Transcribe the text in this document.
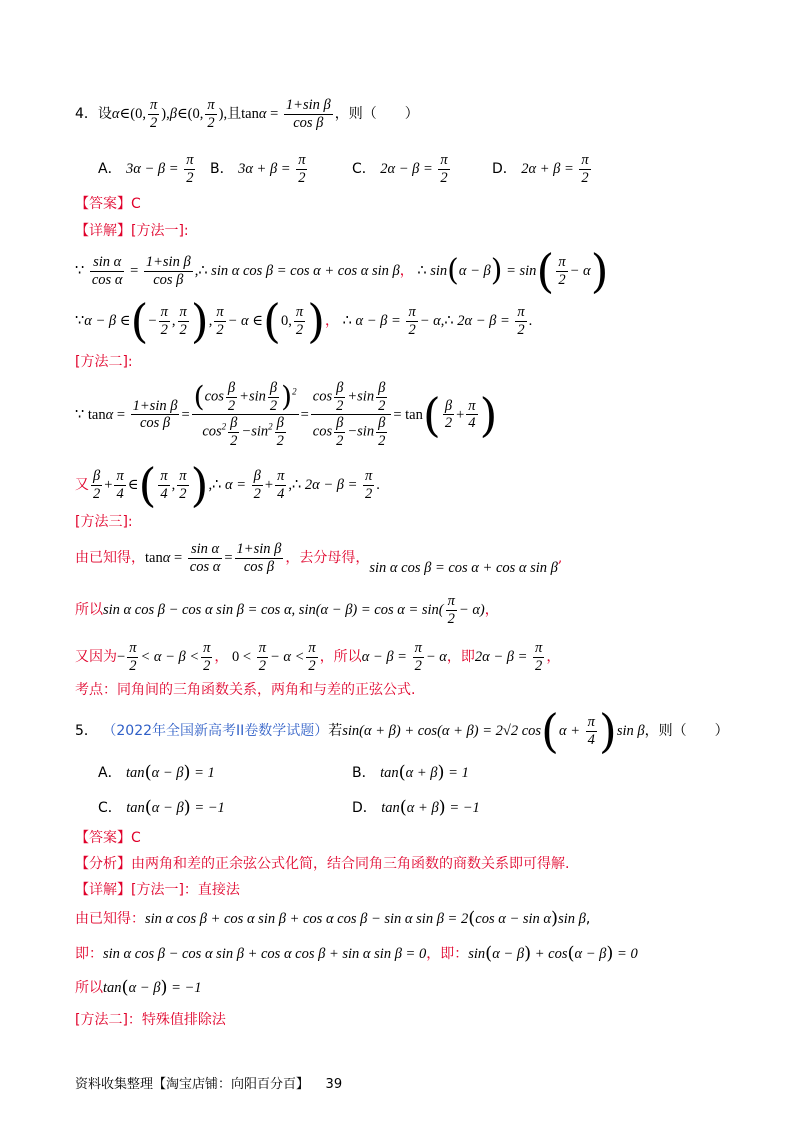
4．设α∈(0, $\frac{\pi}{2}$ ),β∈(0, $\frac{\pi}{2}$ ),且$\tan\alpha = \frac{\text{1+sin β}}{\text{cos β}}$ ，则（　　）
A． $3\alpha - \beta = \frac{\pi}{2}$ B． $3\alpha + \beta = \frac{\pi}{2}$	C． $2\alpha - \beta = \frac{\pi}{2}$	D． $2\alpha + \beta = \frac{\pi}{2}$
【答案】C
【详解】[方法一]:
∵ $\frac{\text{sin α}}{\text{cos α}} = \frac{\text{1+sin β}}{\text{cos β}}$ ,∴ sin α cos β = cos α + cos α sin β， ∴ $\sin(\alpha - \beta) = \sin( \frac{\pi}{2} - \alpha)$
∵α − β ∈(− $\frac{\pi}{2}$ , $\frac{\pi}{2}$ ), $\frac{\pi}{2} - \alpha$ ∈(0, $\frac{\pi}{2}$ )， ∴ $\alpha - \beta = \frac{\pi}{2}$ − α,∴ $2\alpha - \beta = \frac{\pi}{2}$ .
[方法二]:
∵ $\tan\alpha = \frac{\text{1+sin β}}{\text{cos β}} = \frac{(\cos \frac{\beta}{2} +\sin \frac{\beta}{2} )^2}{\cos^2 \frac{\beta}{2} -\sin^2 \frac{\beta}{2}} = \frac{\cos \frac{\beta}{2} +\sin \frac{\beta}{2}}{\cos \frac{\beta}{2} -\sin \frac{\beta}{2}} = \tan( \frac{\beta}{2} + \frac{\pi}{4}$ )
又 $\frac{\beta}{2} + \frac{\pi}{4}$ ∈( $\frac{\pi}{4}$ , $\frac{\pi}{2}$ ),∴ $\alpha = \frac{\beta}{2} + \frac{\pi}{4}$ ,∴ $2\alpha - \beta = \frac{\pi}{2}$ .
[方法三]:
由已知得，$\tan\alpha = \frac{\text{sin α}}{\text{cos α}} = \frac{\text{1+sin β}}{\text{cos β}}$ ，去分母得，sin α cos β = cos α + cos α sin β,
所以sin α cos β − cos α sin β = cos α, $\sin(\alpha - \beta) = \cos \alpha = \sin( \frac{\pi}{2} - \alpha)$，
又因为− $\frac{\pi}{2} < \alpha - \beta < \frac{\pi}{2}$ ， $0 < \frac{\pi}{2} - \alpha < \frac{\pi}{2}$ ，所以$\alpha - \beta = \frac{\pi}{2} - \alpha$，即$2\alpha - \beta = \frac{\pi}{2}$ ，
考点：同角间的三角函数关系，两角和与差的正弦公式.
5． （2022年全国新高考II卷数学试题）若sin(α + β) + cos(α + β) = 2√2 $\cos(\alpha + \frac{\pi}{4} )\sin$ β，则（　　）
A． tan(α − β) = 1	B． tan(α + β) = 1
C． tan(α − β) = −1	D． tan(α + β) = −1
【答案】C
【分析】由两角和差的正余弦公式化简，结合同角三角函数的商数关系即可得解.
【详解】[方法一]：直接法
由已知得：sin α cos β + cos α sin β + cos α cos β − sin α sin β = 2(cos α − sin α)sin β,
即：sin α cos β − cos α sin β + cos α cos β + sin α sin β = 0，即：sin(α − β) + cos(α − β) = 0
所以tan(α − β) = −1
[方法二]：特殊值排除法
资料收集整理【淘宝店铺：向阳百分百】 39
